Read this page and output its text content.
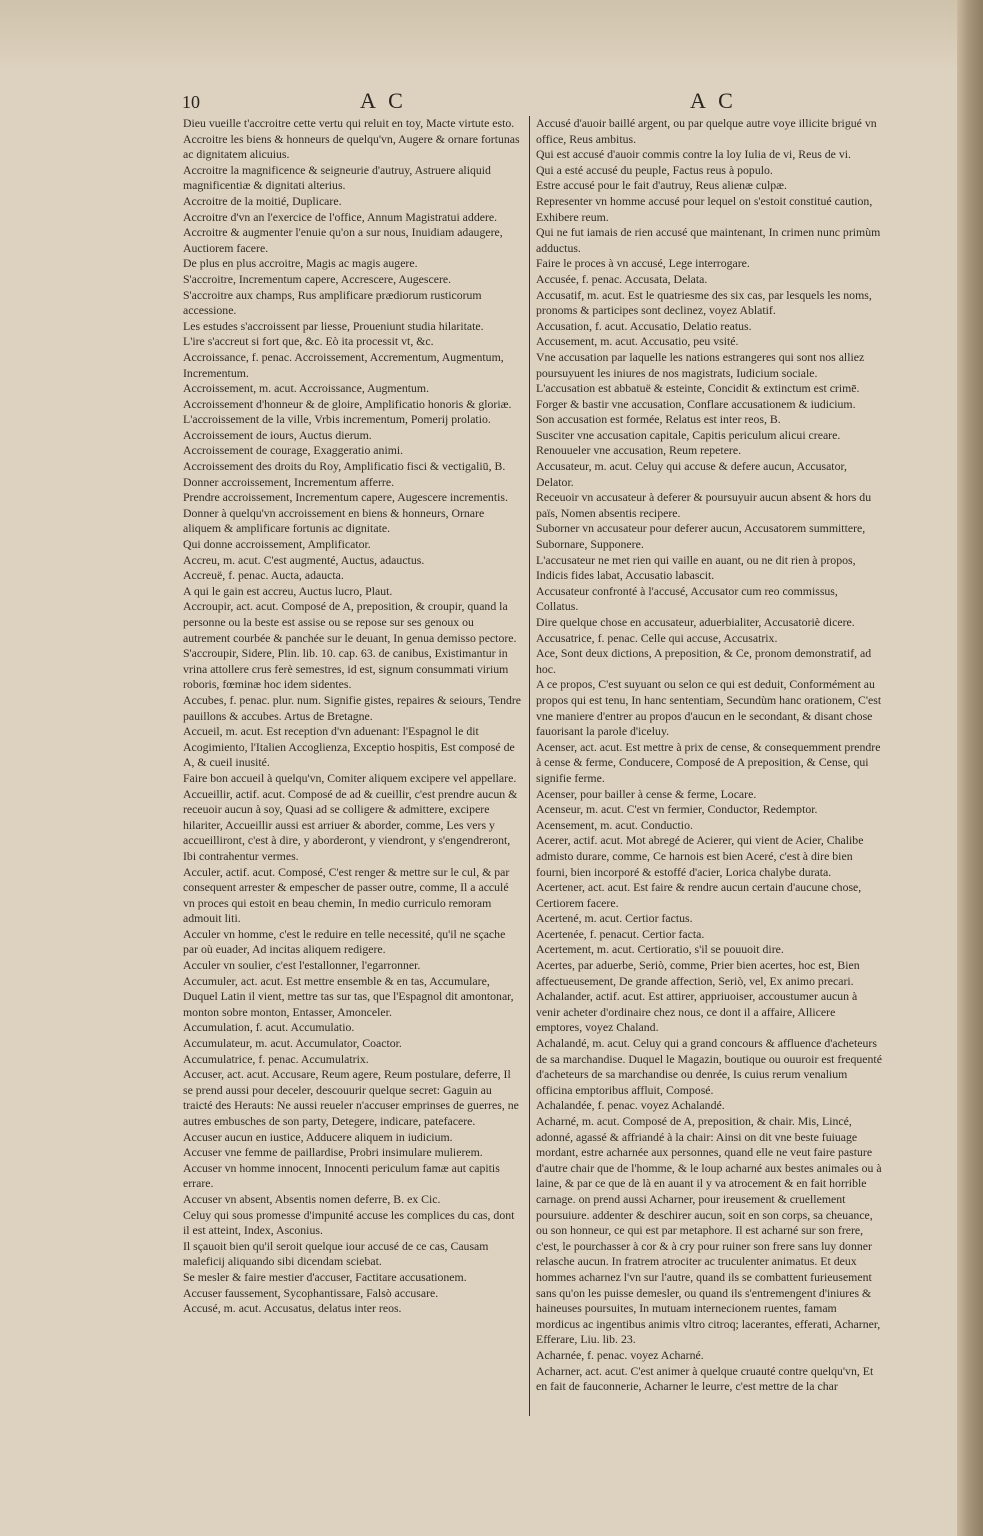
10	A C	A C

Dieu vueille t'accroitre cette vertu qui reluit en toy, Macte virtute esto.

Accroitre les biens & honneurs de quelqu'vn, Augere & ornare fortunas ac dignitatem alicuius.

Accroitre la magnificence & seigneurie d'autruy, Astruere aliquid magnificentiæ & dignitati alterius.

Accroitre de la moitié, Duplicare.

Accroitre d'vn an l'exercice de l'office, Annum Magistratui addere.

Accroitre & augmenter l'enuie qu'on a sur nous, Inuidiam adaugere, Auctiorem facere.

De plus en plus accroitre, Magis ac magis augere.

S'accroitre, Incrementum capere, Accrescere, Augescere.

S'accroitre aux champs, Rus amplificare prædiorum rusticorum accessione.

Les estudes s'accroissent par liesse, Proueniunt studia hilaritate.

L'ire s'accreut si fort que, &c. Eò ita processit vt, &c.

Accroissance, f. penac. Accroissement, Accrementum, Augmentum, Incrementum.

Accroissement, m. acut. Accroissance, Augmentum.

Accroissement d'honneur & de gloire, Amplificatio honoris & gloriæ.

L'accroissement de la ville, Vrbis incrementum, Pomerij prolatio.

Accroissement de iours, Auctus dierum.

Accroissement de courage, Exaggeratio animi.

Accroissement des droits du Roy, Amplificatio fisci & vectigaliū, B.

Donner accroissement, Incrementum afferre.

Prendre accroissement, Incrementum capere, Augescere incrementis.

Donner à quelqu'vn accroissement en biens & honneurs, Ornare aliquem & amplificare fortunis ac dignitate.

Qui donne accroissement, Amplificator.

Accreu, m. acut. C'est augmenté, Auctus, adauctus.

Accreuë, f. penac. Aucta, adaucta.

A qui le gain est accreu, Auctus lucro, Plaut.

Accroupir, act. acut. Composé de A, preposition, & croupir, quand la personne ou la beste est assise ou se repose sur ses genoux ou autrement courbée & panchée sur le deuant, In genua demisso pectore.

S'accroupir, Sidere, Plin. lib. 10. cap. 63. de canibus, Existimantur in vrina attollere crus ferè semestres, id est, signum consummati virium roboris, fœminæ hoc idem sidentes.

Accubes, f. penac. plur. num. Signifie gistes, repaires & seiours, Tendre pauillons & accubes. Artus de Bretagne.

Accueil, m. acut. Est reception d'vn aduenant: l'Espagnol le dit Acogimiento, l'Italien Accoglienza, Exceptio hospitis, Est composé de A, & cueil inusité.

Faire bon accueil à quelqu'vn, Comiter aliquem excipere vel appellare.

Accueillir, actif. acut. Composé de ad & cueillir, c'est prendre aucun & receuoir aucun à soy, Quasi ad se colligere & admittere, excipere hilariter, Accueillir aussi est arriuer & aborder, comme, Les vers y accueilliront, c'est à dire, y aborderont, y viendront, y s'engendreront, Ibi contrahentur vermes.

Acculer, actif. acut. Composé, C'est renger & mettre sur le cul, & par consequent arrester & empescher de passer outre, comme, Il a acculé vn proces qui estoit en beau chemin, In medio curriculo remoram admouit liti.

Acculer vn homme, c'est le reduire en telle necessité, qu'il ne sçache par où euader, Ad incitas aliquem redigere.

Acculer vn soulier, c'est l'estallonner, l'egarronner.

Accumuler, act. acut. Est mettre ensemble & en tas, Accumulare, Duquel Latin il vient, mettre tas sur tas, que l'Espagnol dit amontonar, monton sobre monton, Entasser, Amonceler.

Accumulation, f. acut. Accumulatio.

Accumulateur, m. acut. Accumulator, Coactor.

Accumulatrice, f. penac. Accumulatrix.

Accuser, act. acut. Accusare, Reum agere, Reum postulare, deferre, Il se prend aussi pour deceler, descouurir quelque secret: Gaguin au traicté des Herauts: Ne aussi reueler n'accuser emprinses de guerres, ne autres embusches de son party, Detegere, indicare, patefacere.

Accuser aucun en iustice, Adducere aliquem in iudicium.

Accuser vne femme de paillardise, Probri insimulare mulierem.

Accuser vn homme innocent, Innocenti periculum famæ aut capitis errare.

Accuser vn absent, Absentis nomen deferre, B. ex Cic.

Celuy qui sous promesse d'impunité accuse les complices du cas, dont il est atteint, Index, Asconius.

Il sçauoit bien qu'il seroit quelque iour accusé de ce cas, Causam maleficij aliquando sibi dicendam sciebat.

Se mesler & faire mestier d'accuser, Factitare accusationem.

Accuser faussement, Sycophantissare, Falsò accusare.

Accusé, m. acut. Accusatus, delatus inter reos.

Accusé d'auoir baillé argent, ou par quelque autre voye illicite brigué vn office, Reus ambitus.

Qui est accusé d'auoir commis contre la loy Iulia de vi, Reus de vi.

Qui a esté accusé du peuple, Factus reus à populo.

Estre accusé pour le fait d'autruy, Reus alienæ culpæ.

Representer vn homme accusé pour lequel on s'estoit constitué caution, Exhibere reum.

Qui ne fut iamais de rien accusé que maintenant, In crimen nunc primùm adductus.

Faire le proces à vn accusé, Lege interrogare.

Accusée, f. penac. Accusata, Delata.

Accusatif, m. acut. Est le quatriesme des six cas, par lesquels les noms, pronoms & participes sont declinez, voyez Ablatif.

Accusation, f. acut. Accusatio, Delatio reatus.

Accusement, m. acut. Accusatio, peu vsité.

Vne accusation par laquelle les nations estrangeres qui sont nos alliez poursuyuent les iniures de nos magistrats, Iudicium sociale.

L'accusation est abbatuë & esteinte, Concidit & extinctum est crimē.

Forger & bastir vne accusation, Conflare accusationem & iudicium.

Son accusation est formée, Relatus est inter reos, B.

Susciter vne accusation capitale, Capitis periculum alicui creare.

Renouueler vne accusation, Reum repetere.

Accusateur, m. acut. Celuy qui accuse & defere aucun, Accusator, Delator.

Receuoir vn accusateur à deferer & poursuyuir aucun absent & hors du païs, Nomen absentis recipere.

Suborner vn accusateur pour deferer aucun, Accusatorem summittere, Subornare, Supponere.

L'accusateur ne met rien qui vaille en auant, ou ne dit rien à propos, Indicis fides labat, Accusatio labascit.

Accusateur confronté à l'accusé, Accusator cum reo commissus, Collatus.

Dire quelque chose en accusateur, aduerbialiter, Accusatoriè dicere.

Accusatrice, f. penac. Celle qui accuse, Accusatrix.

Ace, Sont deux dictions, A preposition, & Ce, pronom demonstratif, ad hoc.

A ce propos, C'est suyuant ou selon ce qui est deduit, Conformément au propos qui est tenu, In hanc sententiam, Secundùm hanc orationem, C'est vne maniere d'entrer au propos d'aucun en le secondant, & disant chose fauorisant la parole d'iceluy.

Acenser, act. acut. Est mettre à prix de cense, & consequemment prendre à cense & ferme, Conducere, Composé de A preposition, & Cense, qui signifie ferme.

Acenser, pour bailler à cense & ferme, Locare.

Acenseur, m. acut. C'est vn fermier, Conductor, Redemptor.

Acensement, m. acut. Conductio.

Acerer, actif. acut. Mot abregé de Acierer, qui vient de Acier, Chalibe admisto durare, comme, Ce harnois est bien Aceré, c'est à dire bien fourni, bien incorporé & estoffé d'acier, Lorica chalybe durata.

Acertener, act. acut. Est faire & rendre aucun certain d'aucune chose, Certiorem facere.

Acertené, m. acut. Certior factus.

Acertenée, f. penacut. Certior facta.

Acertement, m. acut. Certioratio, s'il se pouuoit dire.

Acertes, par aduerbe, Seriò, comme, Prier bien acertes, hoc est, Bien affectueusement, De grande affection, Seriò, vel, Ex animo precari.

Achalander, actif. acut. Est attirer, appriuoiser, accoustumer aucun à venir acheter d'ordinaire chez nous, ce dont il a affaire, Allicere emptores, voyez Chaland.

Achalandé, m. acut. Celuy qui a grand concours & affluence d'acheteurs de sa marchandise. Duquel le Magazin, boutique ou ouuroir est frequenté d'acheteurs de sa marchandise ou denrée, Is cuius rerum venalium officina emptoribus affluit, Composé.

Achalandée, f. penac. voyez Achalandé.

Acharné, m. acut. Composé de A, preposition, & chair. Mis, Lincé, adonné, agassé & affriandé à la chair: Ainsi on dit vne beste fuiuage mordant, estre acharnée aux personnes, quand elle ne veut faire pasture d'autre chair que de l'homme, & le loup acharné aux bestes animales ou à laine, & par ce que de là en auant il y va atrocement & en fait horrible carnage. on prend aussi Acharner, pour ireusement & cruellement poursuiure. addenter & deschirer aucun, soit en son corps, sa cheuance, ou son honneur, ce qui est par metaphore. Il est acharné sur son frere, c'est, le pourchasser à cor & à cry pour ruiner son frere sans luy donner relasche aucun. In fratrem atrociter ac truculenter animatus. Et deux hommes acharnez l'vn sur l'autre, quand ils se combattent furieusement sans qu'on les puisse demesler, ou quand ils s'entremengent d'iniures & haineuses poursuites, In mutuam internecionem ruentes, famam mordicus ac ingentibus animis vltro citroq; lacerantes, efferati, Acharner, Efferare, Liu. lib. 23.

Acharnée, f. penac. voyez Acharné.

Acharner, act. acut. C'est animer à quelque cruauté contre quelqu'vn, Et en fait de fauconnerie, Acharner le leurre, c'est mettre de la char
